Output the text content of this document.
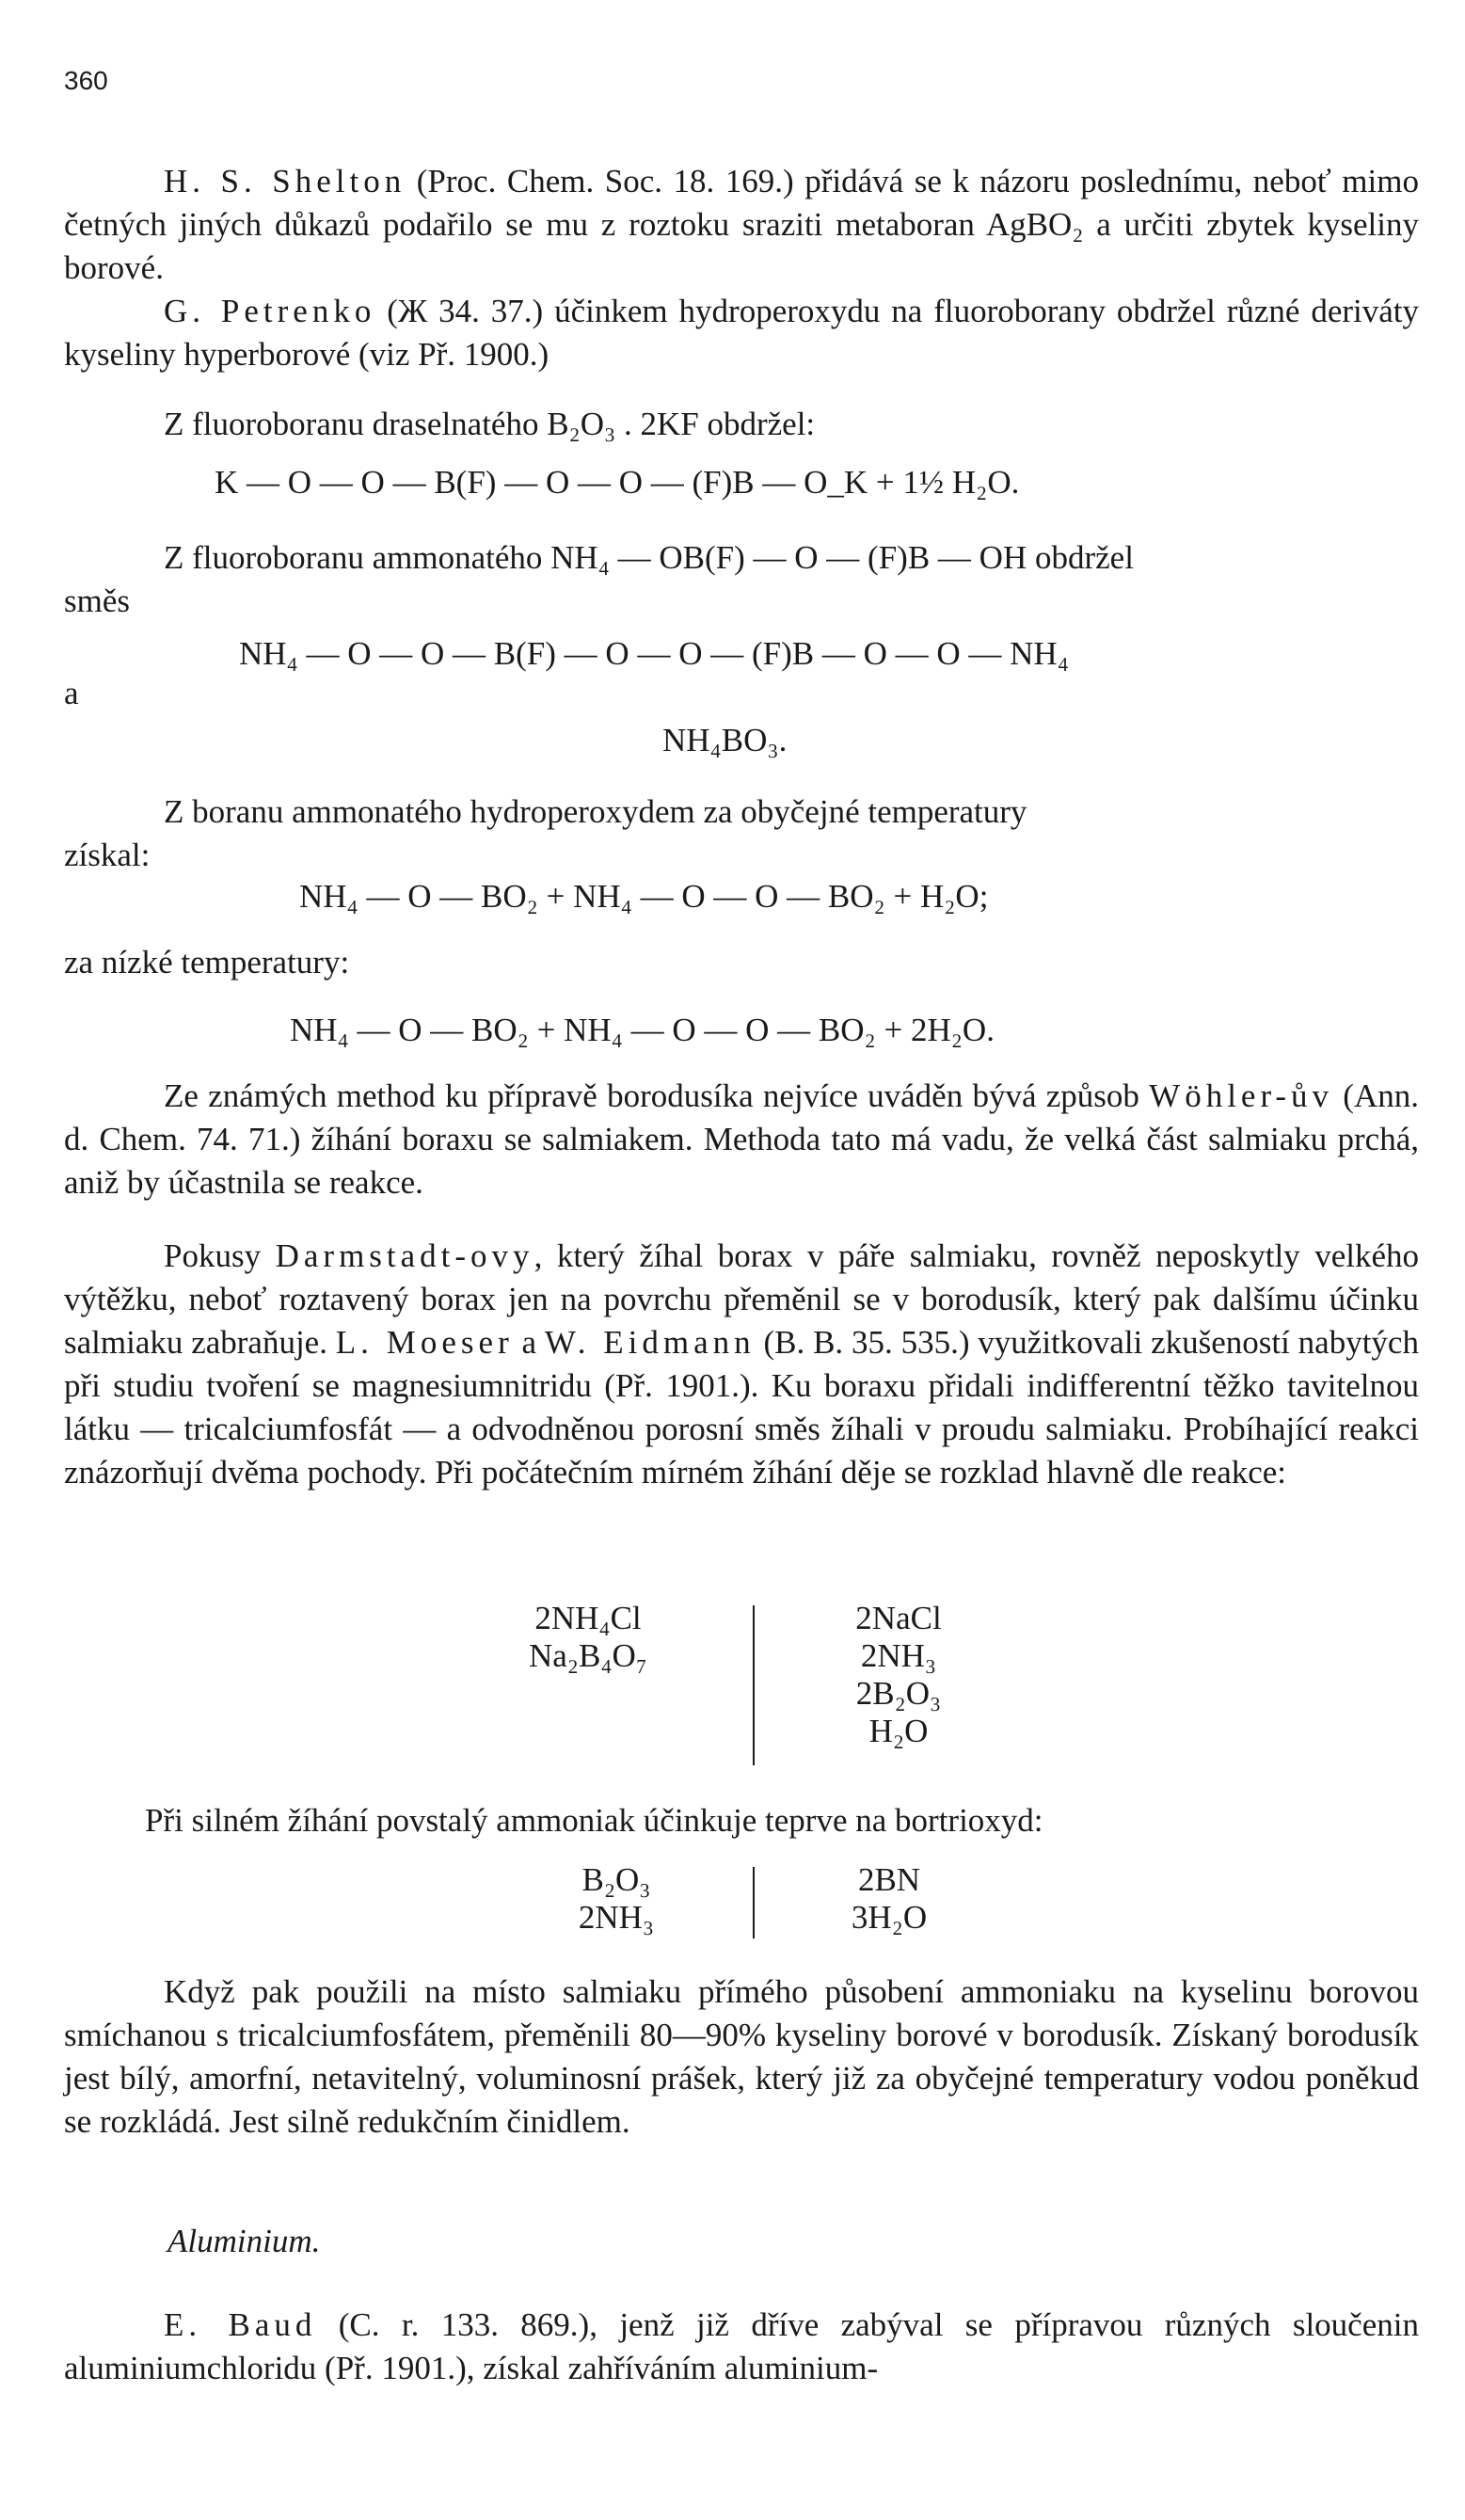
360
H. S. Shelton (Proc. Chem. Soc. 18. 169.) přidává se k názoru poslednímu, neboť mimo četných jiných důkazů podařilo se mu z roztoku sraziti metaboran AgBO₂ a určiti zbytek kyseliny borové.
G. Petrenko (Ж 34. 37.) účinkem hydroperoxydu na fluoroborany obdržel různé deriváty kyseliny hyperborové (viz Př. 1900.)
Z fluoroboranu draselnatého B₂O₃ . 2KF obdržel:
K — O — O — B(F) — O — O — (F)B — O_K + 1½ H₂O.
Z fluoroboranu ammonatého NH₄ — OB(F) — O — (F)B — OH obdržel
směs
NH₄ — O — O — B(F) — O — O — (F)B — O — O — NH₄
a
NH₄BO₃.
Z boranu ammonatého hydroperoxydem za obyčejné temperatury
získal:
NH₄ — O — BO₂ + NH₄ — O — O — BO₂ + H₂O;
za nízké temperatury:
NH₄ — O — BO₂ + NH₄ — O — O — BO₂ + 2H₂O.
Ze známých method ku přípravě borodusíka nejvíce uváděn bývá způsob Wöhler-ův (Ann. d. Chem. 74. 71.) žíhání boraxu se salmiakem. Methoda tato má vadu, že velká část salmiaku prchá, aniž by účastnila se reakce.
Pokusy Darmstadt-ovy, který žíhal borax v páře salmiaku, rovněž neposkytly velkého výtěžku, neboť roztavený borax jen na povrchu přeměnil se v borodusík, který pak dalšímu účinku salmiaku zabraňuje. L. Moeser a W. Eidmann (B. B. 35. 535.) využitkovali zkušeností nabytých při studiu tvoření se magnesiumnitridu (Př. 1901.). Ku boraxu přidali indifferentní těžko tavitelnou látku — tricalciumfosfát — a odvodněnou porosní směs žíhali v proudu salmiaku. Probíhající reakci znázorňují dvěma pochody. Při počátečním mírném žíhání děje se rozklad hlavně dle reakce:
2NH₄Cl
Na₂B₄O₇
2NaCl
2NH₃
2B₂O₃
H₂O
Při silném žíhání povstalý ammoniak účinkuje teprve na bortrioxyd:
B₂O₃
2NH₃
2BN
3H₂O
Když pak použili na místo salmiaku přímého působení ammoniaku na kyselinu borovou smíchanou s tricalciumfosfátem, přeměnili 80—90% kyseliny borové v borodusík. Získaný borodusík jest bílý, amorfní, netavitelný, voluminosní prášek, který již za obyčejné temperatury vodou poněkud se rozkládá. Jest silně redukčním činidlem.
Aluminium.
E. Baud (C. r. 133. 869.), jenž již dříve zabýval se přípravou různých sloučenin aluminiumchloridu (Př. 1901.), získal zahříváním aluminium-
